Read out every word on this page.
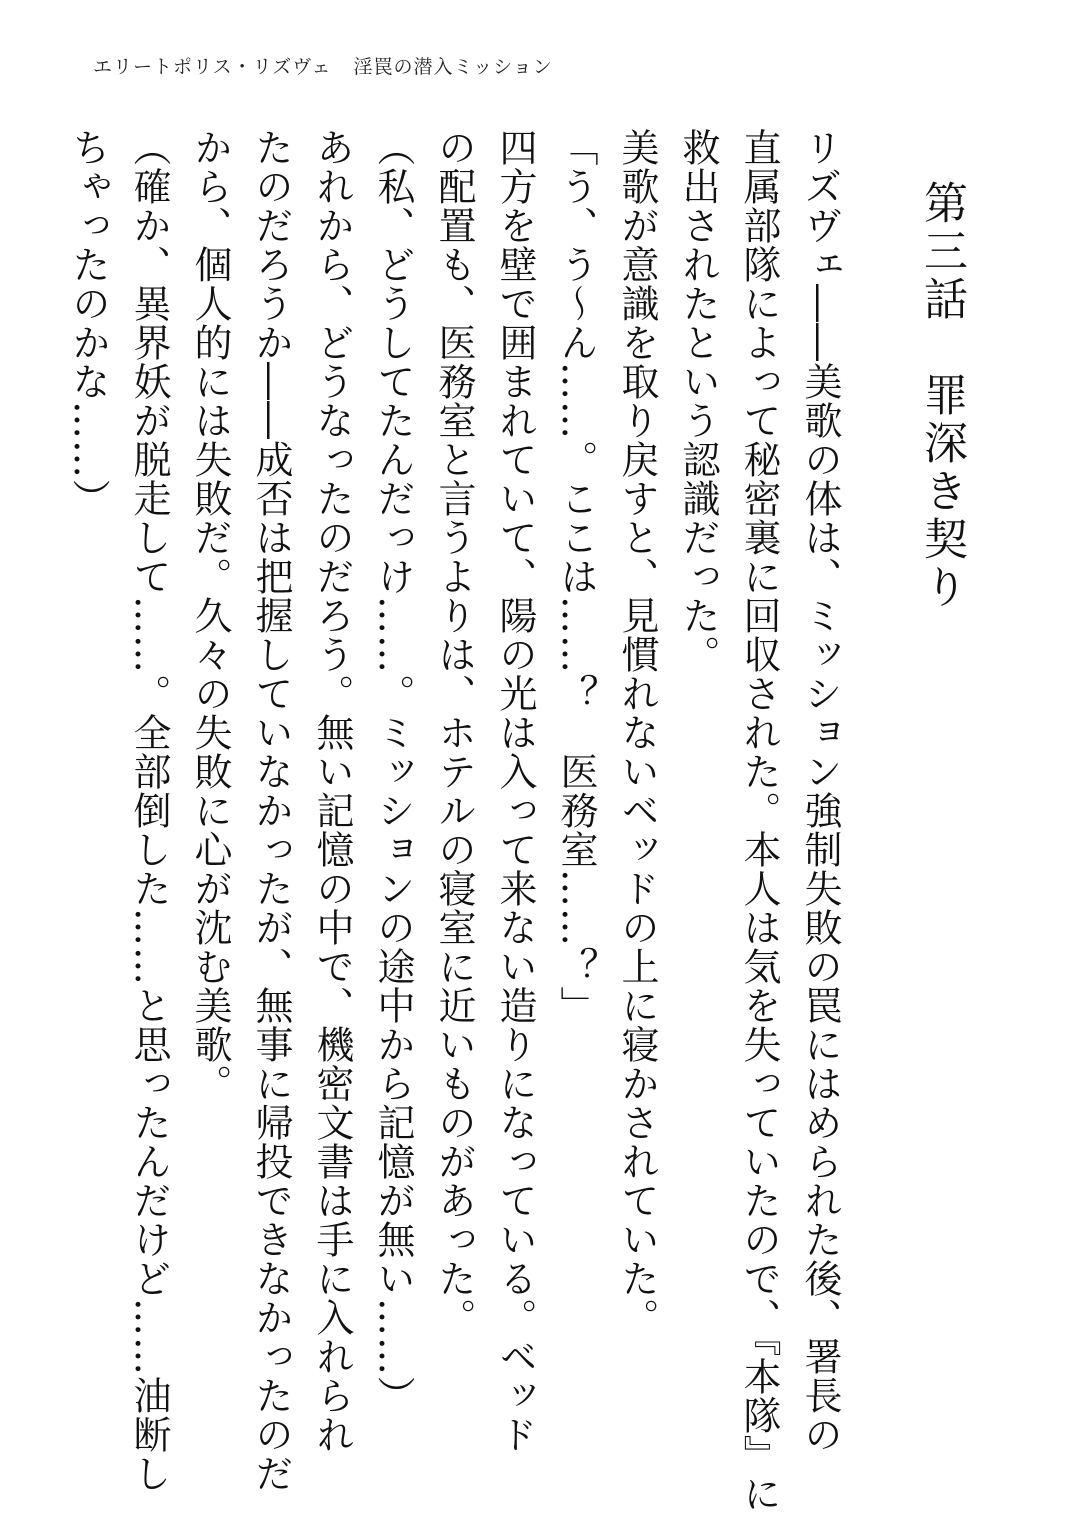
エリートポリス・リズヴェ 淫罠の潜入ミッション
第三話　罪深き契り
リズヴェ――美歌の体は、ミッション強制失敗の罠にはめられた後、署長の
直属部隊によって秘密裏に回収された。本人は気を失っていたので、『本隊』に
救出されたという認識だった。
美歌が意識を取り戻すと、見慣れないベッドの上に寝かされていた。
「う、う～ん……。ここは……？　医務室……？」
四方を壁で囲まれていて、陽の光は入って来ない造りになっている。ベッド
の配置も、医務室と言うよりは、ホテルの寝室に近いものがあった。
（私、どうしてたんだっけ……。ミッションの途中から記憶が無い……）
あれから、どうなったのだろう。無い記憶の中で、機密文書は手に入れられ
たのだろうか――成否は把握していなかったが、無事に帰投できなかったのだ
から、個人的には失敗だ。久々の失敗に心が沈む美歌。
（確か、異界妖が脱走して……。全部倒した……と思ったんだけど……油断し
ちゃったのかな……）
